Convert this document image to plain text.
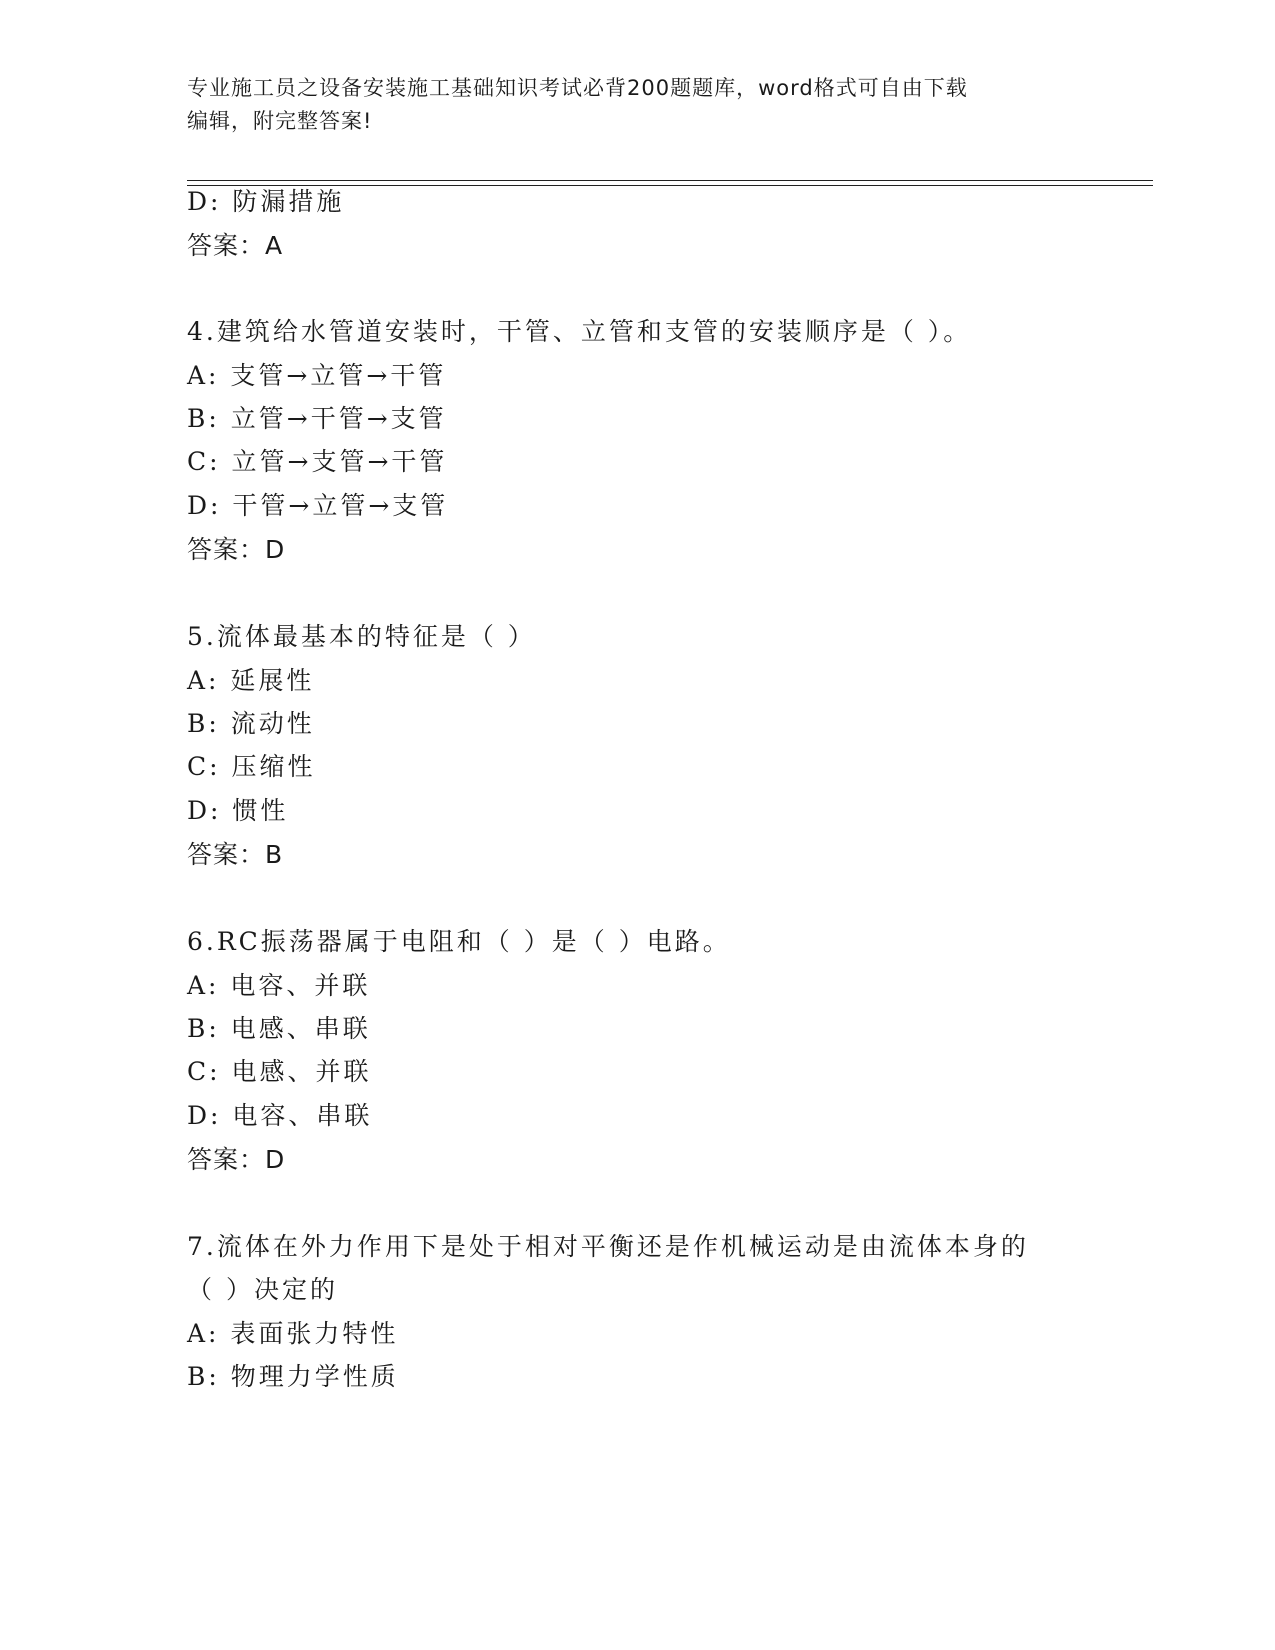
专业施工员之设备安装施工基础知识考试必背200题题库，word格式可自由下载
编辑，附完整答案!
D: 防漏措施
答案：A
4.建筑给水管道安装时，干管、立管和支管的安装顺序是（ ）。
A: 支管→立管→干管
B: 立管→干管→支管
C: 立管→支管→干管
D: 干管→立管→支管
答案：D
5.流体最基本的特征是（ ）
A: 延展性
B: 流动性
C: 压缩性
D: 惯性
答案：B
6.RC振荡器属于电阻和（ ）是（ ）电路。
A: 电容、并联
B: 电感、串联
C: 电感、并联
D: 电容、串联
答案：D
7.流体在外力作用下是处于相对平衡还是作机械运动是由流体本身的
（ ）决定的
A: 表面张力特性
B: 物理力学性质
